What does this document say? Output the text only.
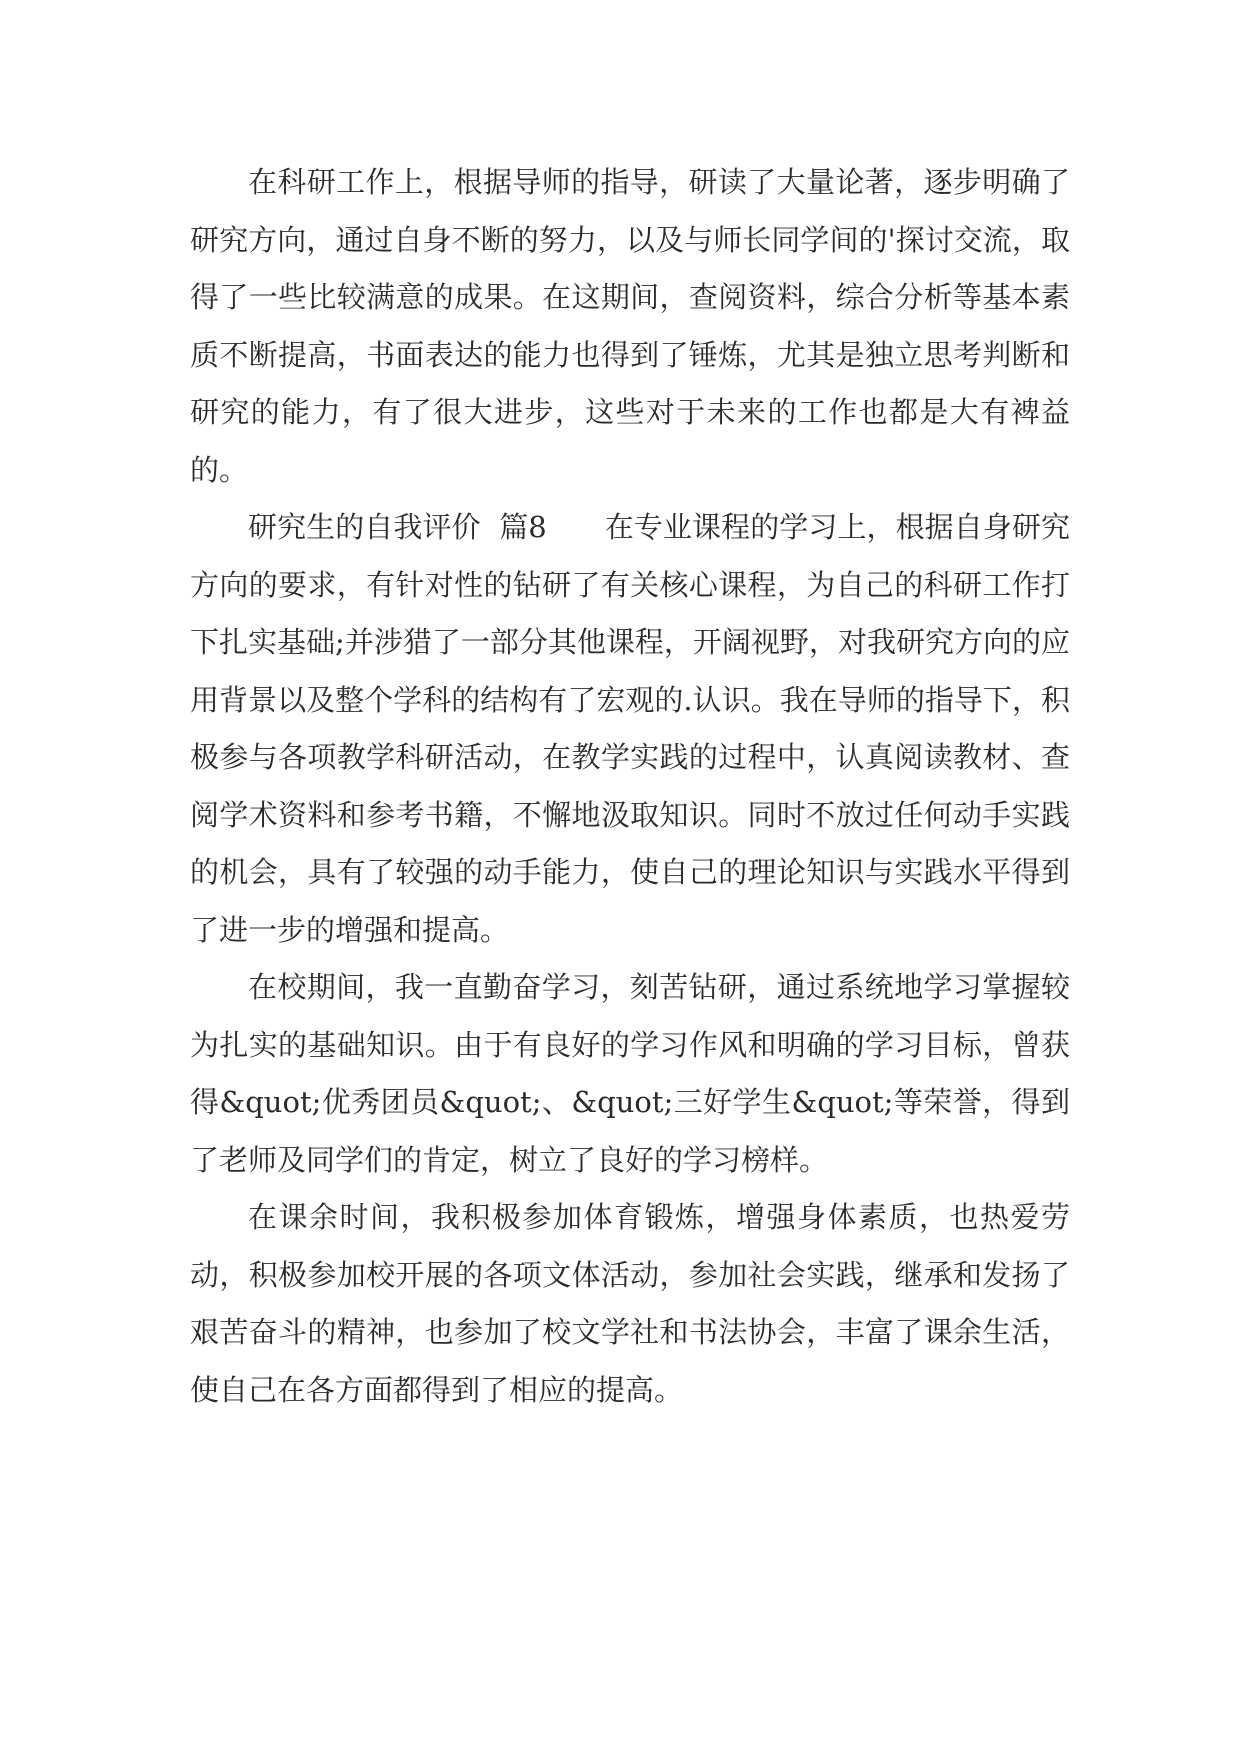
在科研工作上，根据导师的指导，研读了大量论著，逐步明确了研究方向，通过自身不断的努力，以及与师长同学间的'探讨交流，取得了一些比较满意的成果。在这期间，查阅资料，综合分析等基本素质不断提高，书面表达的能力也得到了锤炼，尤其是独立思考判断和研究的能力，有了很大进步，这些对于未来的工作也都是大有裨益的。

研究生的自我评价  篇8   在专业课程的学习上，根据自身研究方向的要求，有针对性的钻研了有关核心课程，为自己的科研工作打下扎实基础;并涉猎了一部分其他课程，开阔视野，对我研究方向的应用背景以及整个学科的结构有了宏观的.认识。我在导师的指导下，积极参与各项教学科研活动，在教学实践的过程中，认真阅读教材、查阅学术资料和参考书籍，不懈地汲取知识。同时不放过任何动手实践的机会，具有了较强的动手能力，使自己的理论知识与实践水平得到了进一步的增强和提高。

在校期间，我一直勤奋学习，刻苦钻研，通过系统地学习掌握较为扎实的基础知识。由于有良好的学习作风和明确的学习目标，曾获得&quot;优秀团员&quot;、&quot;三好学生&quot;等荣誉，得到了老师及同学们的肯定，树立了良好的学习榜样。

在课余时间，我积极参加体育锻炼，增强身体素质，也热爱劳动，积极参加校开展的各项文体活动，参加社会实践，继承和发扬了艰苦奋斗的精神，也参加了校文学社和书法协会，丰富了课余生活，使自己在各方面都得到了相应的提高。
